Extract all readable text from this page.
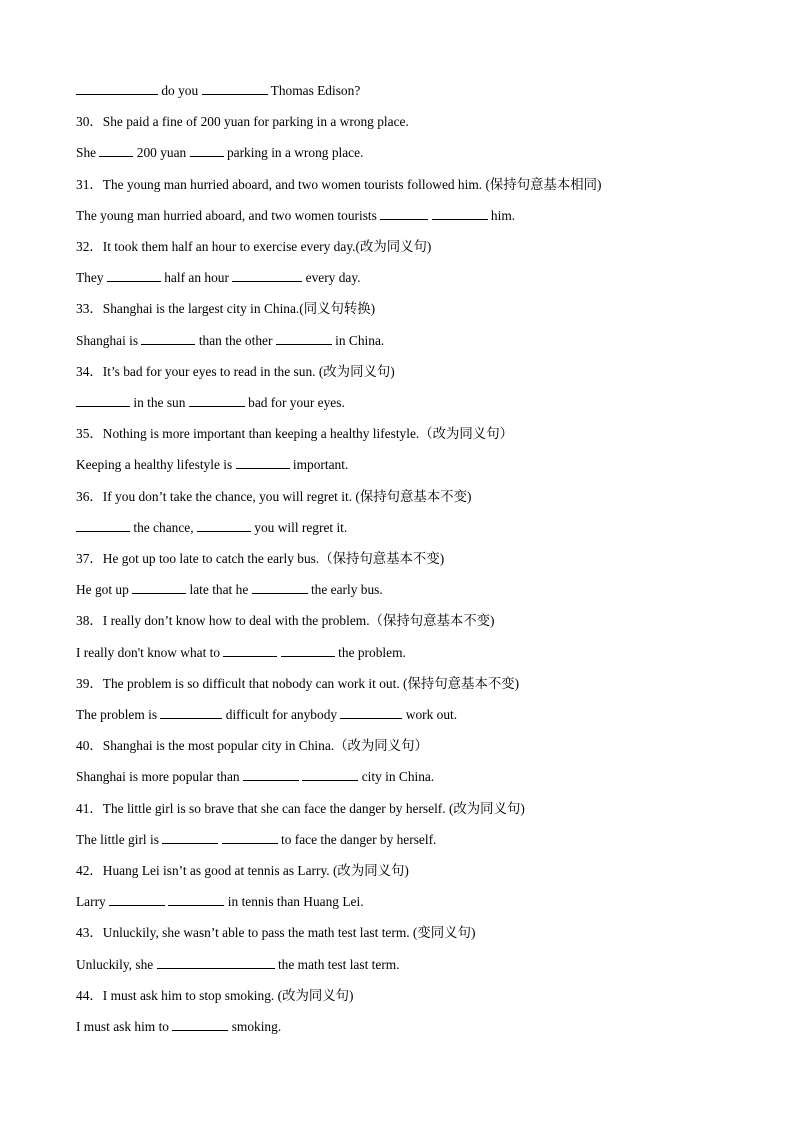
do you	Thomas Edison?
30．She paid a fine of 200 yuan for parking in a wrong place.
She	200 yuan	parking in a wrong place.
31．The young man hurried aboard, and two women tourists followed him. (保持句意基本相同)
The young man hurried aboard, and two women tourists	him.
32．It took them half an hour to exercise every day.(改为同义句)
They	half an hour	every day.
33．Shanghai is the largest city in China.(同义句转换)
Shanghai is	than the other	in China.
34．It’s bad for your eyes to read in the sun. (改为同义句)
in the sun	bad for your eyes.
35．Nothing is more important than keeping a healthy lifestyle.（改为同义句）
Keeping a healthy lifestyle is	important.
36．If you don’t take the chance, you will regret it. (保持句意基本不变)
the chance,	you will regret it.
37．He got up too late to catch the early bus.（保持句意基本不变)
He got up	late that he	the early bus.
38．I really don’t know how to deal with the problem.（保持句意基本不变)
I really don't know what to	the problem.
39．The problem is so difficult that nobody can work it out. (保持句意基本不变)
The problem is	difficult for anybody	work out.
40．Shanghai is the most popular city in China.（改为同义句）
Shanghai is more popular than	city in China.
41．The little girl is so brave that she can face the danger by herself. (改为同义句)
The little girl is	to face the danger by herself.
42．Huang Lei isn’t as good at tennis as Larry. (改为同义句)
Larry	in tennis than Huang Lei.
43．Unluckily, she wasn’t able to pass the math test last term. (变同义句)
Unluckily, she	the math test last term.
44．I must ask him to stop smoking. (改为同义句)
I must ask him to	smoking.
